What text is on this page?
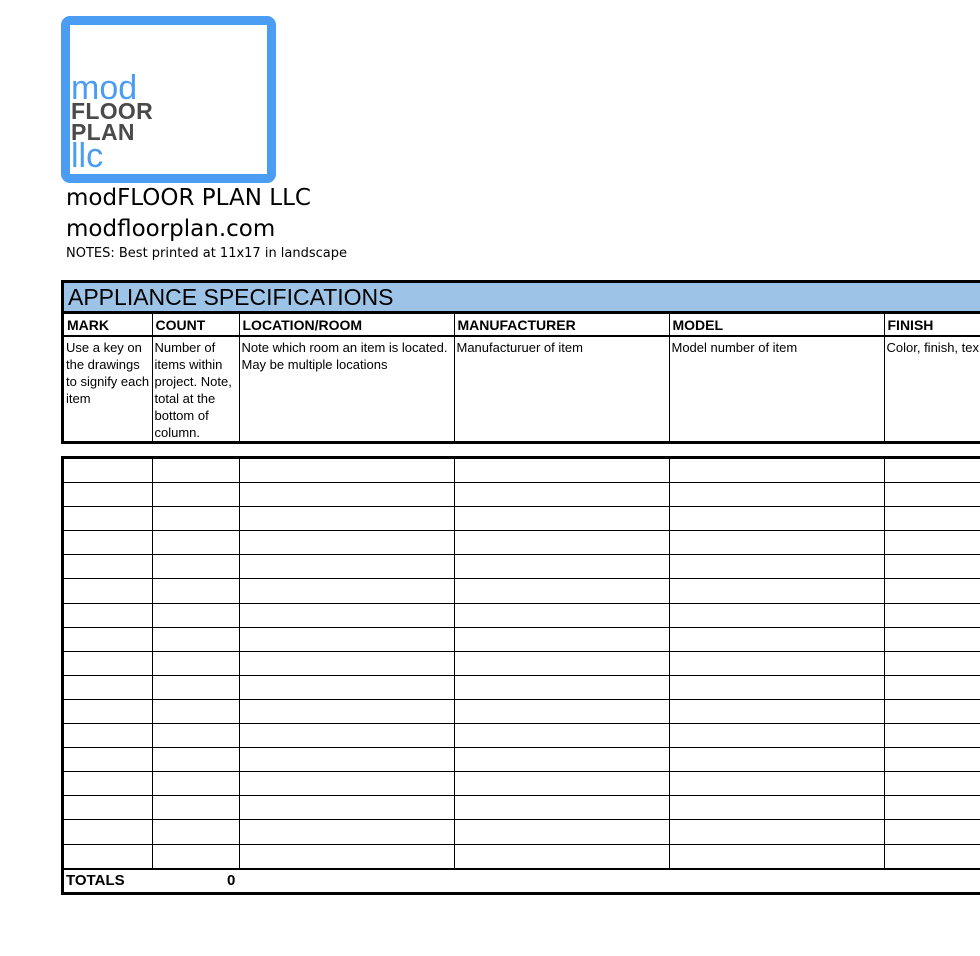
mod
FLOOR
PLAN
llc
modFLOOR PLAN LLC
modfloorplan.com
NOTES: Best printed at 11x17 in landscape
APPLIANCE SPECIFICATIONS
MARK	COUNT	LOCATION/ROOM	MANUFACTURER	MODEL	FINISH
Use a key on the drawings to signify each item	Number of items within project. Note, total at the bottom of column.	Note which room an item is located. May be multiple locations	Manufacturuer of item	Model number of item	Color, finish, tex

TOTALS	0
